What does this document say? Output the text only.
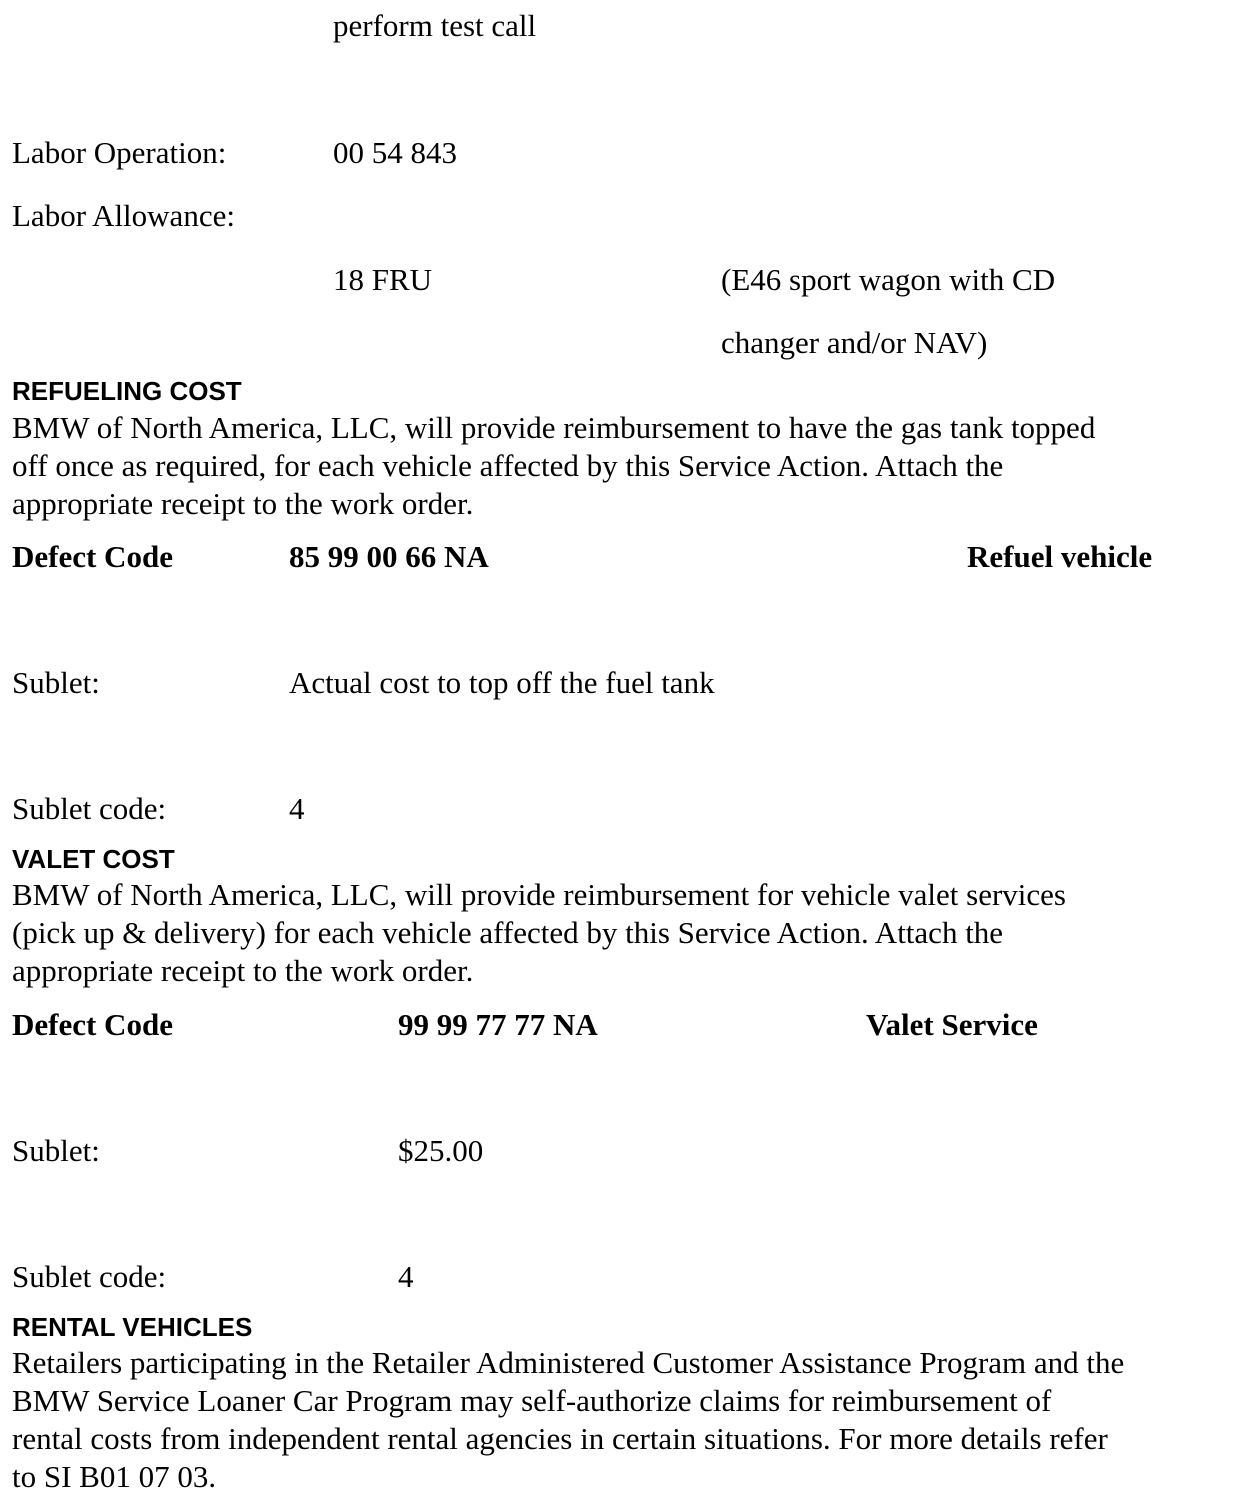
perform test call
Labor Operation:	00 54 843
Labor Allowance:
18 FRU	(E46 sport wagon with CD
changer and/or NAV)
REFUELING COST
BMW of North America, LLC, will provide reimbursement to have the gas tank topped
off once as required, for each vehicle affected by this Service Action. Attach the
appropriate receipt to the work order.
Defect Code	85 99 00 66 NA	Refuel vehicle
Sublet:	Actual cost to top off the fuel tank
Sublet code:	4
VALET COST
BMW of North America, LLC, will provide reimbursement for vehicle valet services
(pick up & delivery) for each vehicle affected by this Service Action. Attach the
appropriate receipt to the work order.
Defect Code	99 99 77 77 NA	Valet Service
Sublet:	$25.00
Sublet code:	4
RENTAL VEHICLES
Retailers participating in the Retailer Administered Customer Assistance Program and the
BMW Service Loaner Car Program may self-authorize claims for reimbursement of
rental costs from independent rental agencies in certain situations. For more details refer
to SI B01 07 03.
